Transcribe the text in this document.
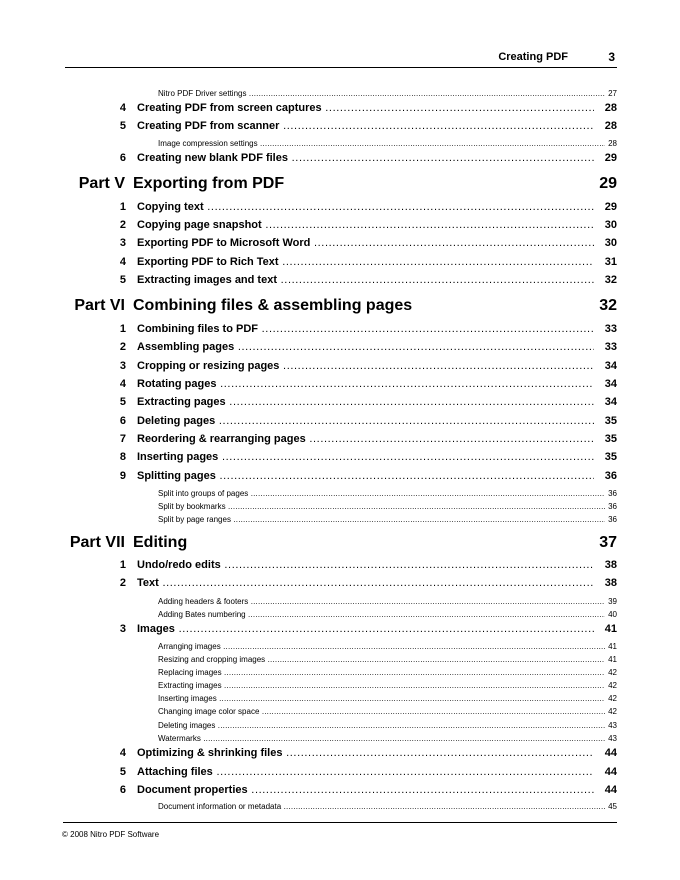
Creating PDF	3
Nitro PDF Driver settings .....	27
4 Creating PDF from screen captures .....	28
5 Creating PDF from scanner .....	28
Image compression settings .....	28
6 Creating new blank PDF files .....	29
Part V Exporting from PDF	29
1 Copying text .....	29
2 Copying page snapshot .....	30
3 Exporting PDF to Microsoft Word .....	30
4 Exporting PDF to Rich Text .....	31
5 Extracting images and text .....	32
Part VI Combining files & assembling pages	32
1 Combining files to PDF .....	33
2 Assembling pages .....	33
3 Cropping or resizing pages .....	34
4 Rotating pages .....	34
5 Extracting pages .....	34
6 Deleting pages .....	35
7 Reordering & rearranging pages .....	35
8 Inserting pages .....	35
9 Splitting pages .....	36
Split into groups of pages .....	36
Split by bookmarks .....	36
Split by page ranges .....	36
Part VII Editing	37
1 Undo/redo edits .....	38
2 Text .....	38
Adding headers & footers .....	39
Adding Bates numbering .....	40
3 Images .....	41
Arranging images .....	41
Resizing and cropping images .....	41
Replacing images .....	42
Extracting images .....	42
Inserting images .....	42
Changing image color space .....	42
Deleting images .....	43
Watermarks .....	43
4 Optimizing & shrinking files .....	44
5 Attaching files .....	44
6 Document properties .....	44
Document information or metadata .....	45
© 2008 Nitro PDF Software
